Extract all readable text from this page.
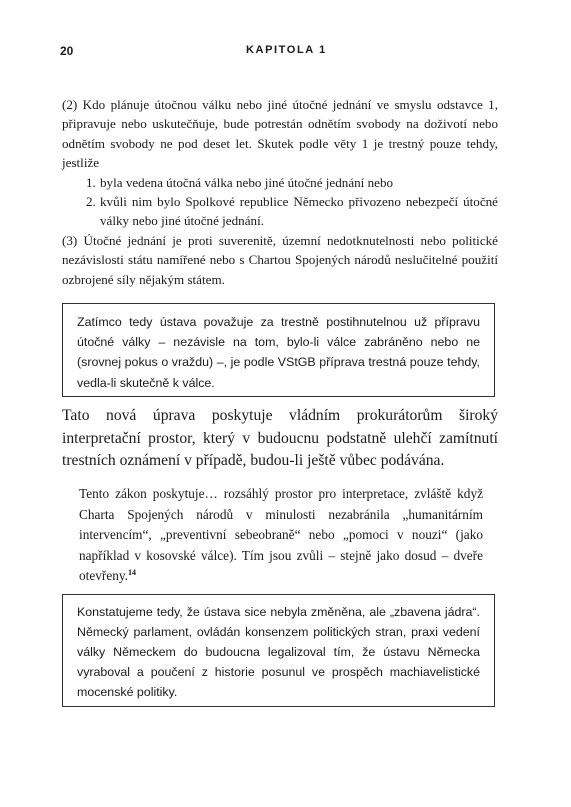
20	KAPITOLA 1

(2) Kdo plánuje útočnou válku nebo jiné útočné jednání ve smyslu odstavce 1, připravuje nebo uskutečňuje, bude potrestán odnětím svobody na doživotí nebo odnětím svobody ne pod deset let. Skutek podle věty 1 je trestný pouze tehdy, jestliže

1. byla vedena útočná válka nebo jiné útočné jednání nebo
2. kvůli nim bylo Spolkové republice Německo přivozeno nebezpečí útočné války nebo jiné útočné jednání.

(3) Útočné jednání je proti suverenitě, územní nedotknutelnosti nebo politické nezávislosti státu namířené nebo s Chartou Spojených národů neslučitelné použití ozbrojené síly nějakým státem.

Zatímco tedy ústava považuje za trestně postihnutelnou už přípravu útočné války – nezávisle na tom, bylo-li válce zabráněno nebo ne (srovnej pokus o vraždu) –, je podle VStGB příprava trestná pouze tehdy, vedla-li skutečně k válce.

Tato nová úprava poskytuje vládním prokurátorům široký interpretační prostor, který v budoucnu podstatně ulehčí zamítnutí trestních oznámení v případě, budou-li ještě vůbec podávána.

Tento zákon poskytuje… rozsáhlý prostor pro interpretace, zvláště když Charta Spojených národů v minulosti nezabránila „humanitárním intervencím“, „preventivní sebeobraně“ nebo „pomoci v nouzi“ (jako například v kosovské válce). Tím jsou zvůli – stejně jako dosud – dveře otevřeny.$^{14}$

Konstatujeme tedy, že ústava sice nebyla změněna, ale „zbavena jádra“. Německý parlament, ovládán konsenzem politických stran, praxi vedení války Německem do budoucna legalizoval tím, že ústavu Německa vyraboval a poučení z historie posunul ve prospěch machiavelistické mocenské politiky.
